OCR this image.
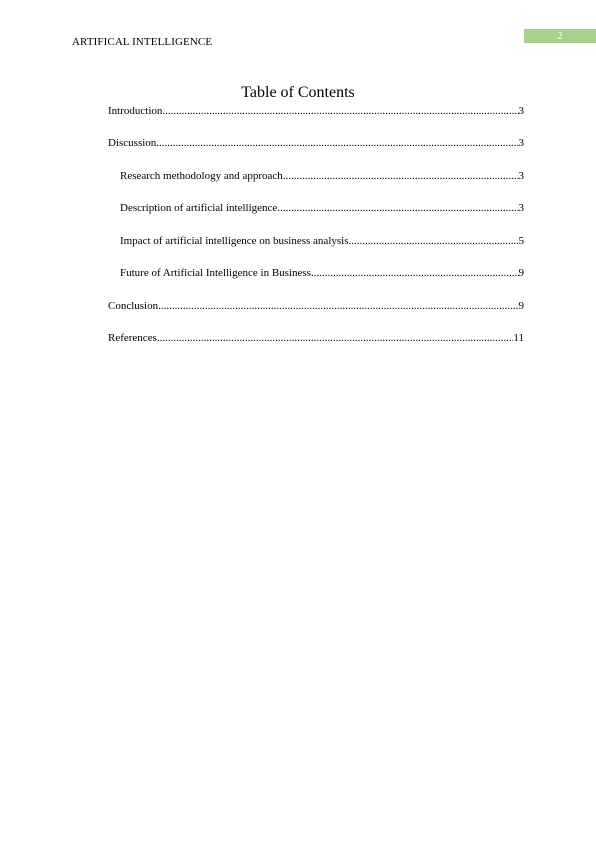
ARTIFICAL INTELLIGENCE	2
Table of Contents
Introduction .....	3
Discussion .....	3
Research methodology and approach .....	3
Description of artificial intelligence .....	3
Impact of artificial intelligence on business analysis .....	5
Future of Artificial Intelligence in Business .....	9
Conclusion .....	9
References .....	11
